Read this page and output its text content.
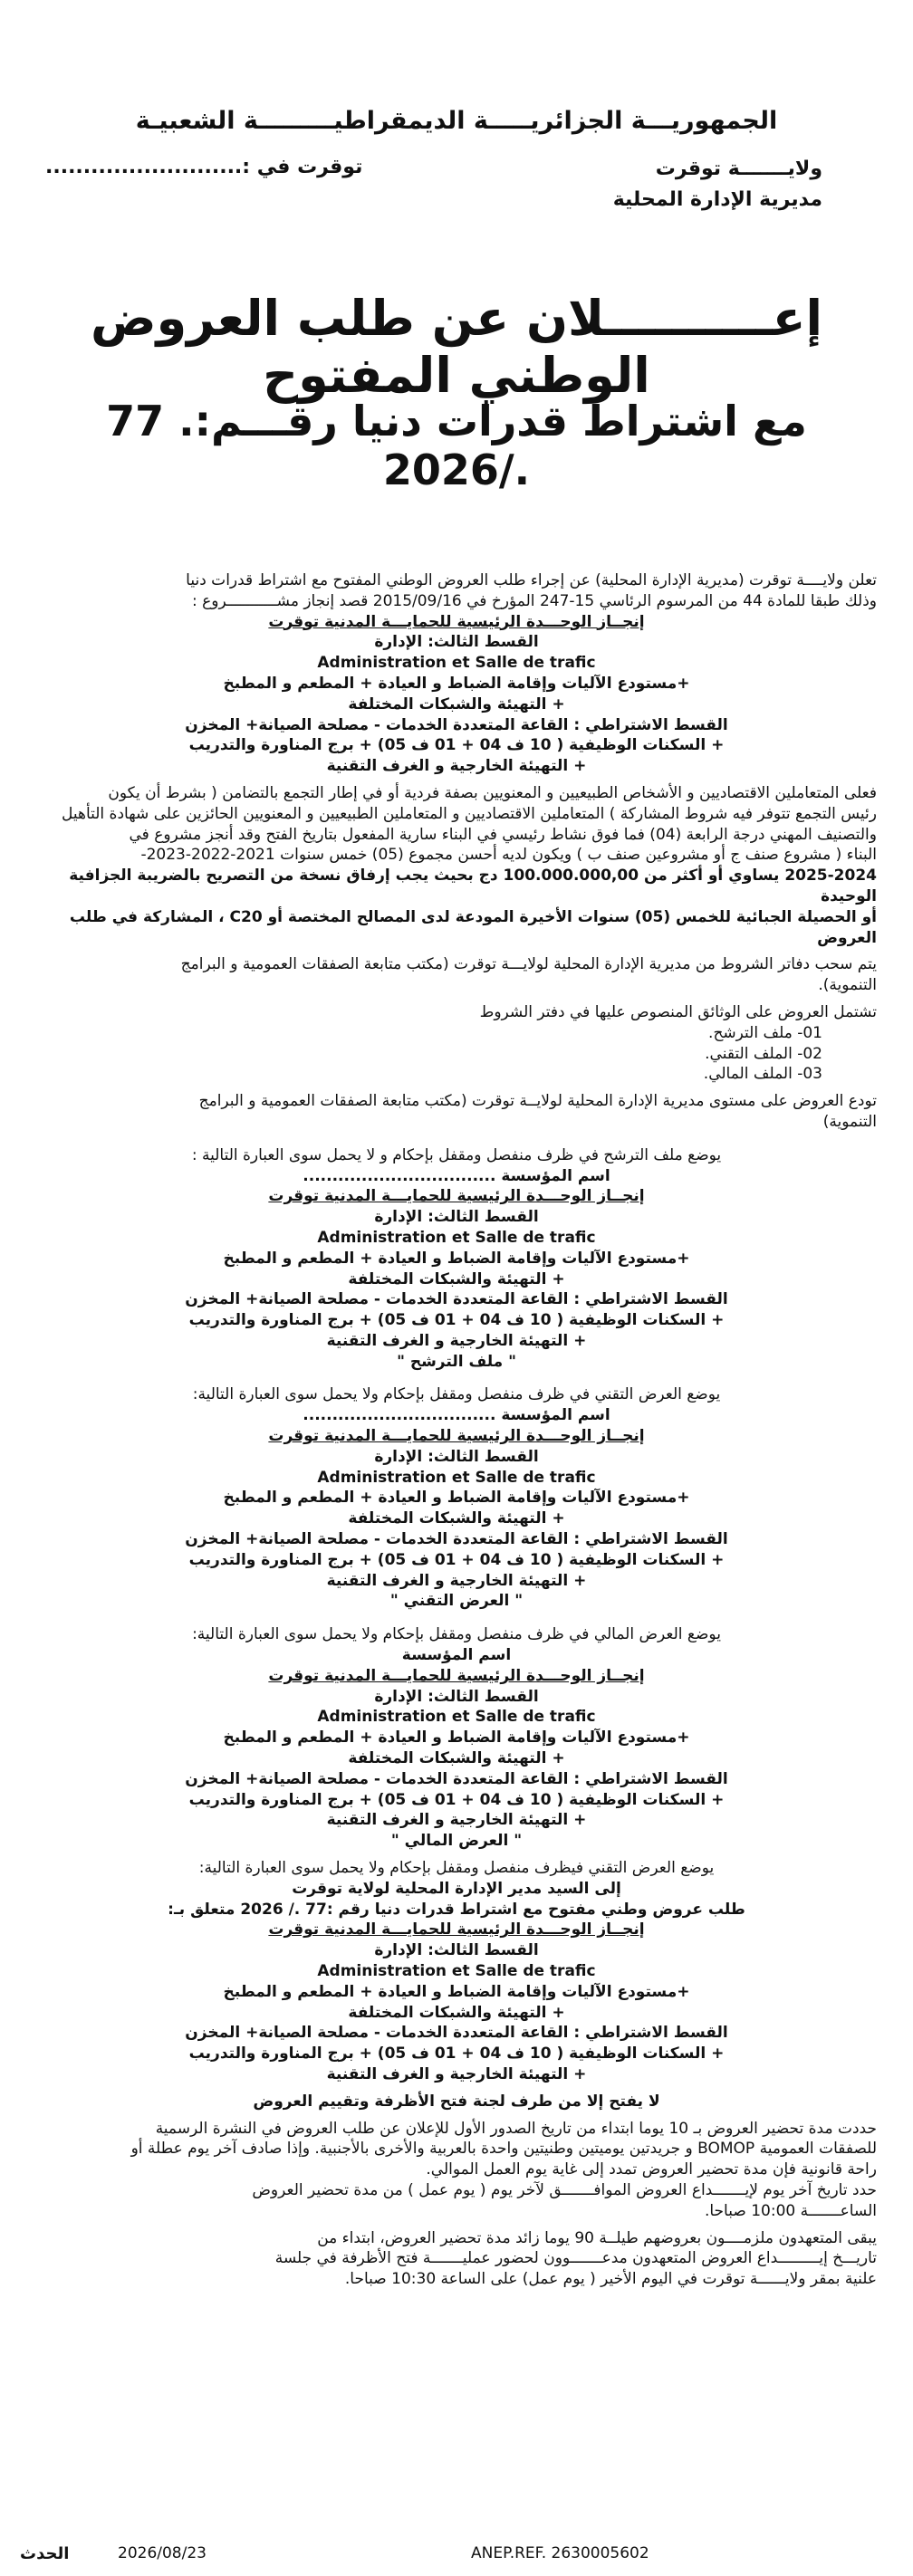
الجمهوريـــة الجزائريـــــة الديمقراطيـــــــــة الشعبيـة
توقرت في :..........................	ولايـــــــة توقرت
مديرية الإدارة المحلية
إعــــــــــلان عن طلب العروض الوطني المفتوح
مع اشتراط قدرات دنيا رقـــم:. 77 ./2026

تعلن ولايــــة توقرت (مديرية الإدارة المحلية) عن إجراء طلب العروض الوطني المفتوح مع اشتراط قدرات دنيا

وذلك طبقا للمادة 44 من المرسوم الرئاسي 15-247 المؤرخ في 2015/09/16 قصد إنجاز مشـــــــــــروع :

إنجــاز الوحـــدة الرئيسية للحمايـــة المدنية توقرت

القسط الثالث: الإدارة

Administration et Salle de trafic

+مستودع الآليات وإقامة الضباط و العيادة + المطعم و المطبخ

+ التهيئة والشبكات المختلفة

القسط الاشتراطي : القاعة المتعددة الخدمات - مصلحة الصيانة+ المخزن

+ السكنات الوظيفية ( 10 ف 04 + 01 ف 05) + برج المناورة والتدريب

+ التهيئة الخارجية و الغرف التقنية

فعلى المتعاملين الاقتصاديين و الأشخاص الطبيعيين و المعنويين بصفة فردية أو في إطار التجمع بالتضامن ( بشرط أن يكون

رئيس التجمع تتوفر فيه شروط المشاركة ) المتعاملين الاقتصاديين و المتعاملين الطبيعيين و المعنويين الحائزين على شهادة التأهيل

والتصنيف المهني درجة الرابعة (04) فما فوق نشاط رئيسي في البناء سارية المفعول بتاريخ الفتح وقد أنجز مشروع في

البناء ( مشروع صنف ج أو مشروعين صنف ب ) ويكون لديه أحسن مجموع (05) خمس سنوات 2021-2022-2023-

2025-2024 يساوي أو أكثر من 100.000.000,00 دج بحيث يجب إرفاق نسخة من التصريح بالضريبة الجزافية الوحيدة

أو الحصيلة الجبائية للخمس (05) سنوات الأخيرة المودعة لدى المصالح المختصة أو C20 ، المشاركة في طلب العروض

يتم سحب دفاتر الشروط من مديرية الإدارة المحلية لولايـــة توقرت (مكتب متابعة الصفقات العمومية و البرامج

التنموية).

تشتمل العروض على الوثائق المنصوص عليها في دفتر الشروط

01- ملف الترشح.

02- الملف التقني.

03- الملف المالي.

تودع العروض على مستوى مديرية الإدارة المحلية لولايــة توقرت (مكتب متابعة الصفقات العمومية و البرامج

التنموية)

يوضع ملف الترشح في ظرف منفصل ومقفل بإحكام و لا يحمل سوى العبارة التالية :

اسم المؤسسة .................................

إنجــاز الوحـــدة الرئيسية للحمايـــة المدنية توقرت

القسط الثالث: الإدارة

Administration et Salle de trafic

+مستودع الآليات وإقامة الضباط و العيادة + المطعم و المطبخ

+ التهيئة والشبكات المختلفة

القسط الاشتراطي : القاعة المتعددة الخدمات - مصلحة الصيانة+ المخزن

+ السكنات الوظيفية ( 10 ف 04 + 01 ف 05) + برج المناورة والتدريب

+ التهيئة الخارجية و الغرف التقنية

" ملف الترشح "

يوضع العرض التقني في ظرف منفصل ومقفل بإحكام ولا يحمل سوى العبارة التالية:

اسم المؤسسة .................................

إنجــاز الوحـــدة الرئيسية للحمايـــة المدنية توقرت

القسط الثالث: الإدارة

Administration et Salle de trafic

+مستودع الآليات وإقامة الضباط و العيادة + المطعم و المطبخ

+ التهيئة والشبكات المختلفة

القسط الاشتراطي : القاعة المتعددة الخدمات - مصلحة الصيانة+ المخزن

+ السكنات الوظيفية ( 10 ف 04 + 01 ف 05) + برج المناورة والتدريب

+ التهيئة الخارجية و الغرف التقنية

" العرض التقني "

يوضع العرض المالي في ظرف منفصل ومقفل بإحكام ولا يحمل سوى العبارة التالية:

اسم المؤسسة

إنجــاز الوحـــدة الرئيسية للحمايـــة المدنية توقرت

القسط الثالث: الإدارة

Administration et Salle de trafic

+مستودع الآليات وإقامة الضباط و العيادة + المطعم و المطبخ

+ التهيئة والشبكات المختلفة

القسط الاشتراطي : القاعة المتعددة الخدمات - مصلحة الصيانة+ المخزن

+ السكنات الوظيفية ( 10 ف 04 + 01 ف 05) + برج المناورة والتدريب

+ التهيئة الخارجية و الغرف التقنية

" العرض المالي "

يوضع العرض التقني فيظرف منفصل ومقفل بإحكام ولا يحمل سوى العبارة التالية:

إلى السيد مدير الإدارة المحلية لولاية توقرت

طلب عروض وطني مفتوح مع اشتراط قدرات دنيا رقم :77 ./ 2026 متعلق بـ:

إنجــاز الوحـــدة الرئيسية للحمايـــة المدنية توقرت

القسط الثالث: الإدارة

Administration et Salle de trafic

+مستودع الآليات وإقامة الضباط و العيادة + المطعم و المطبخ

+ التهيئة والشبكات المختلفة

القسط الاشتراطي : القاعة المتعددة الخدمات - مصلحة الصيانة+ المخزن

+ السكنات الوظيفية ( 10 ف 04 + 01 ف 05) + برج المناورة والتدريب

+ التهيئة الخارجية و الغرف التقنية

لا يفتح إلا من طرف لجنة فتح الأظرفة وتقييم العروض

حددت مدة تحضير العروض بـ 10 يوما ابتداء من تاريخ الصدور الأول للإعلان عن طلب العروض في النشرة الرسمية

للصفقات العمومية BOMOP و جريدتين يوميتين وطنيتين واحدة بالعربية والأخرى بالأجنبية. وإذا صادف آخر يوم عطلة أو

راحة قانونية فإن مدة تحضير العروض تمدد إلى غاية يوم العمل الموالي.

حدد تاريخ آخر يوم لإيـــــــداع العروض الموافـــــــق لآخر يوم ( يوم عمل ) من مدة تحضير العروض

الساعـــــــة 10:00 صباحا.

يبقى المتعهدون ملزمــــون بعروضهم طيلــة 90 يوما زائد مدة تحضير العروض، ابتداء من

تاريـــخ إيـــــــــداع العروض المتعهدون مدعـــــــوون لحضور عمليـــــــة فتح الأظرفة في جلسة

علنية بمقر ولايــــــة توقرت في اليوم الأخير ( يوم عمل) على الساعة 10:30 صباحا.

الحدث	2026/08/23	ANEP.REF. 2630005602
